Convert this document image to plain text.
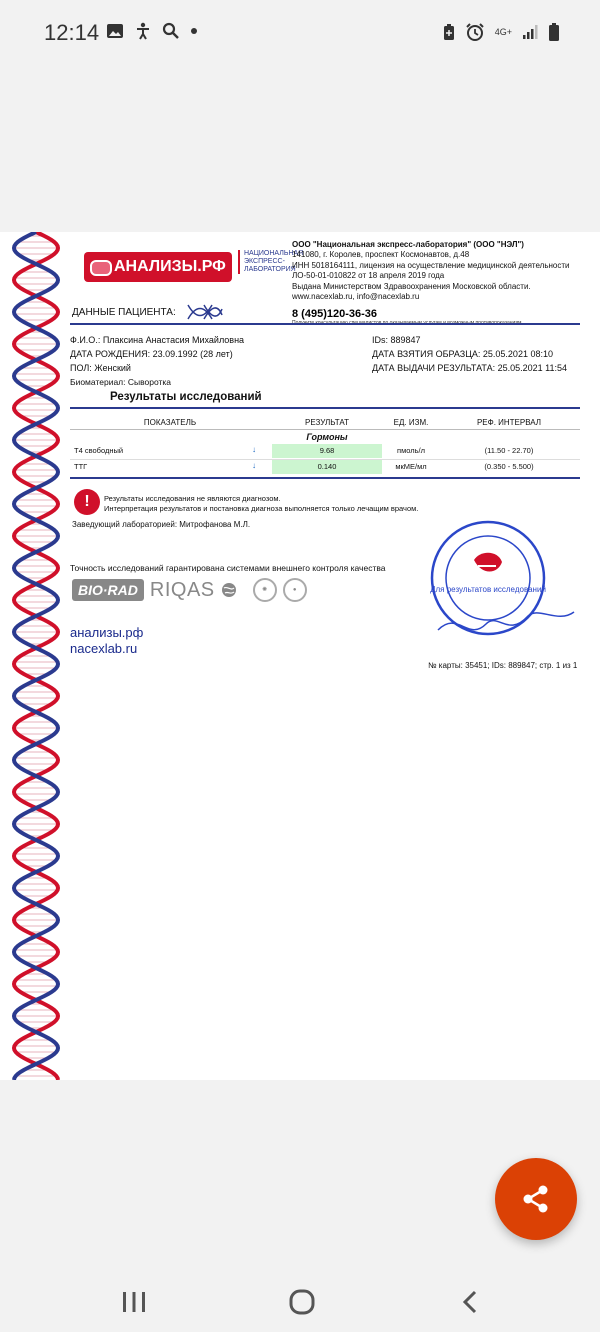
12:14	4G+
АНАЛИЗЫ.РФ
НАЦИОНАЛЬНАЯ ЭКСПРЕСС-ЛАБОРАТОРИЯ
ООО "Национальная экспресс-лаборатория" (ООО "НЭЛ")
141080, г. Королев, проспект Космонавтов, д.48
ИНН 5018164111, лицензия на осуществление медицинской деятельности
ЛО-50-01-010822 от 18 апреля 2019 года
Выдана Министерством Здравоохранения Московской области.
www.nacexlab.ru, info@nacexlab.ru
8 (495)120-36-36
ДАННЫЕ ПАЦИЕНТА:
Ф.И.О.: Плаксина Анастасия Михайловна
ДАТА РОЖДЕНИЯ: 23.09.1992 (28 лет)
ПОЛ: Женский
Биоматериал: Сыворотка
IDs: 889847
ДАТА ВЗЯТИЯ ОБРАЗЦА: 25.05.2021 08:10
ДАТА ВЫДАЧИ РЕЗУЛЬТАТА: 25.05.2021 11:54
Результаты исследований
ПОКАЗАТЕЛЬ	РЕЗУЛЬТАТ	ЕД. ИЗМ.	РЕФ. ИНТЕРВАЛ
Гормоны
Т4 свободный	↓	9.68	пмоль/л	(11.50 - 22.70)
ТТГ	↓	0.140	мкМЕ/мл	(0.350 - 5.500)
!	Результаты исследования не являются диагнозом.
Интерпретация результатов и постановка диагноза выполняется только лечащим врачом.
Заведующий лабораторией: Митрофанова М.Л.
Точность исследований гарантирована системами внешнего контроля качества
BIO·RAD RIQAS	✺	●	Для результатов исследований
анализы.рф
nacexlab.ru
№ карты: 35451; IDs: 889847; стр. 1 из 1
